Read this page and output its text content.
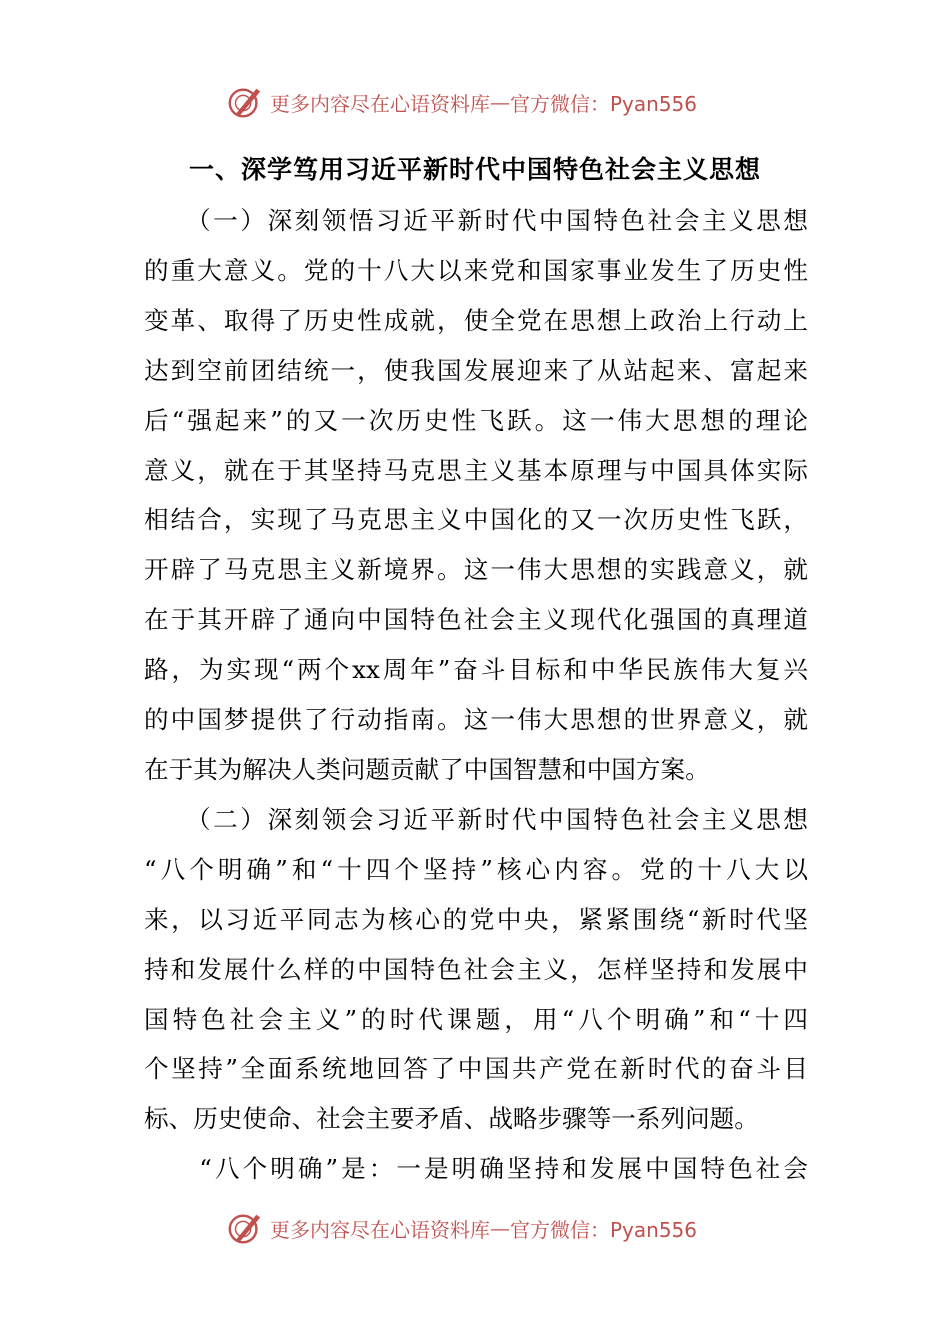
更多内容尽在心语资料库 — 官方微信：Pyan556
一、深学笃用习近平新时代中国特色社会主义思想
　　（一）深刻领悟习近平新时代中国特色社会主义思想
的重大意义。党的十八大以来党和国家事业发生了历史性
变革、取得了历史性成就，使全党在思想上政治上行动上
达到空前团结统一，使我国发展迎来了从站起来、富起来
后“强起来”的又一次历史性飞跃。这一伟大思想的理论
意义，就在于其坚持马克思主义基本原理与中国具体实际
相结合，实现了马克思主义中国化的又一次历史性飞跃，
开辟了马克思主义新境界。这一伟大思想的实践意义，就
在于其开辟了通向中国特色社会主义现代化强国的真理道
路，为实现“两个xx周年”奋斗目标和中华民族伟大复兴
的中国梦提供了行动指南。这一伟大思想的世界意义，就
在于其为解决人类问题贡献了中国智慧和中国方案。
　　（二）深刻领会习近平新时代中国特色社会主义思想
“八个明确”和“十四个坚持”核心内容。党的十八大以
来，以习近平同志为核心的党中央，紧紧围绕“新时代坚
持和发展什么样的中国特色社会主义，怎样坚持和发展中
国特色社会主义”的时代课题，用“八个明确”和“十四
个坚持”全面系统地回答了中国共产党在新时代的奋斗目
标、历史使命、社会主要矛盾、战略步骤等一系列问题。
　　“八个明确”是：一是明确坚持和发展中国特色社会
更多内容尽在心语资料库 — 官方微信：Pyan556
